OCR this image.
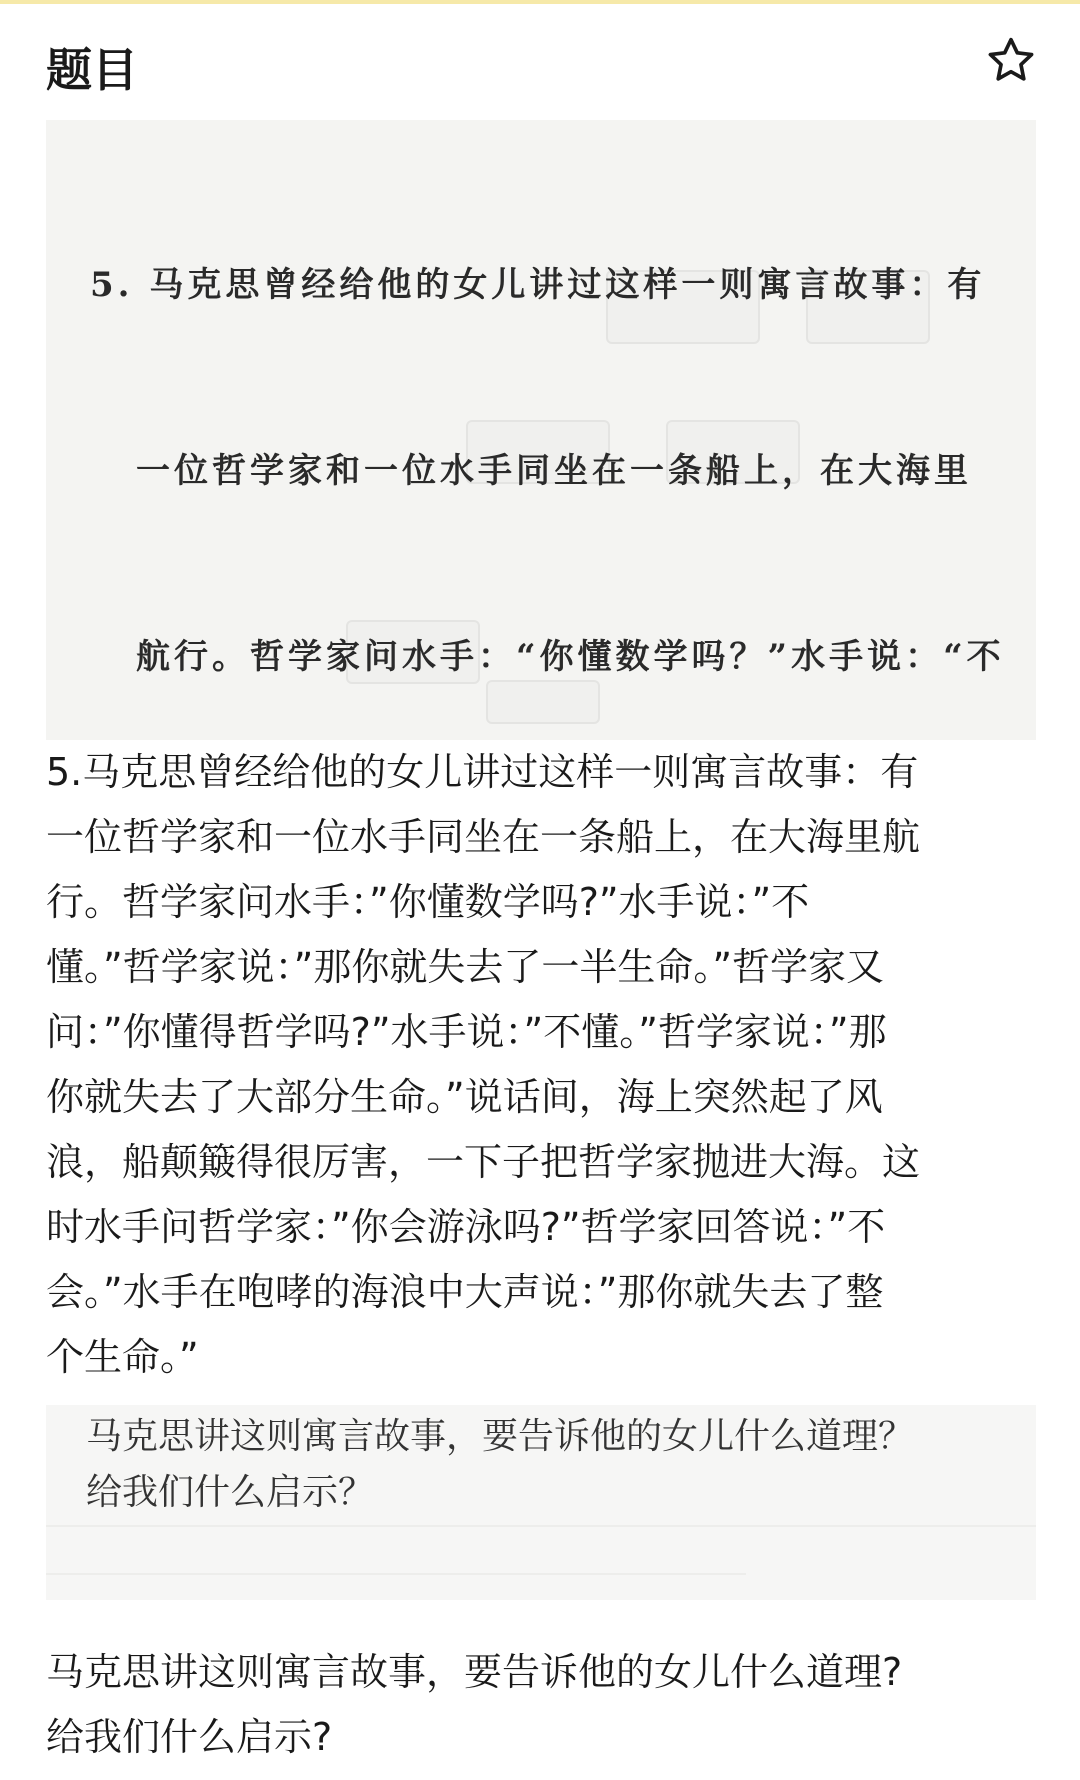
题目

5. 马克思曾经给他的女儿讲过这样一则寓言故事：有

一位哲学家和一位水手同坐在一条船上，在大海里

航行。哲学家问水手：“你懂数学吗？”水手说：“不

5.马克思曾经给他的女儿讲过这样一则寓言故事：有
一位哲学家和一位水手同坐在一条船上，在大海里航
行。哲学家问水手：”你懂数学吗?”水手说：”不
懂。”哲学家说：”那你就失去了一半生命。”哲学家又
问：”你懂得哲学吗?”水手说：”不懂。”哲学家说：”那
你就失去了大部分生命。”说话间，海上突然起了风
浪，船颠簸得很厉害，一下子把哲学家抛进大海。这
时水手问哲学家：”你会游泳吗?”哲学家回答说：”不
会。”水手在咆哮的海浪中大声说：”那你就失去了整
个生命。”
马克思讲这则寓言故事，要告诉他的女儿什么道理？
给我们什么启示？
马克思讲这则寓言故事，要告诉他的女儿什么道理?
给我们什么启示?
